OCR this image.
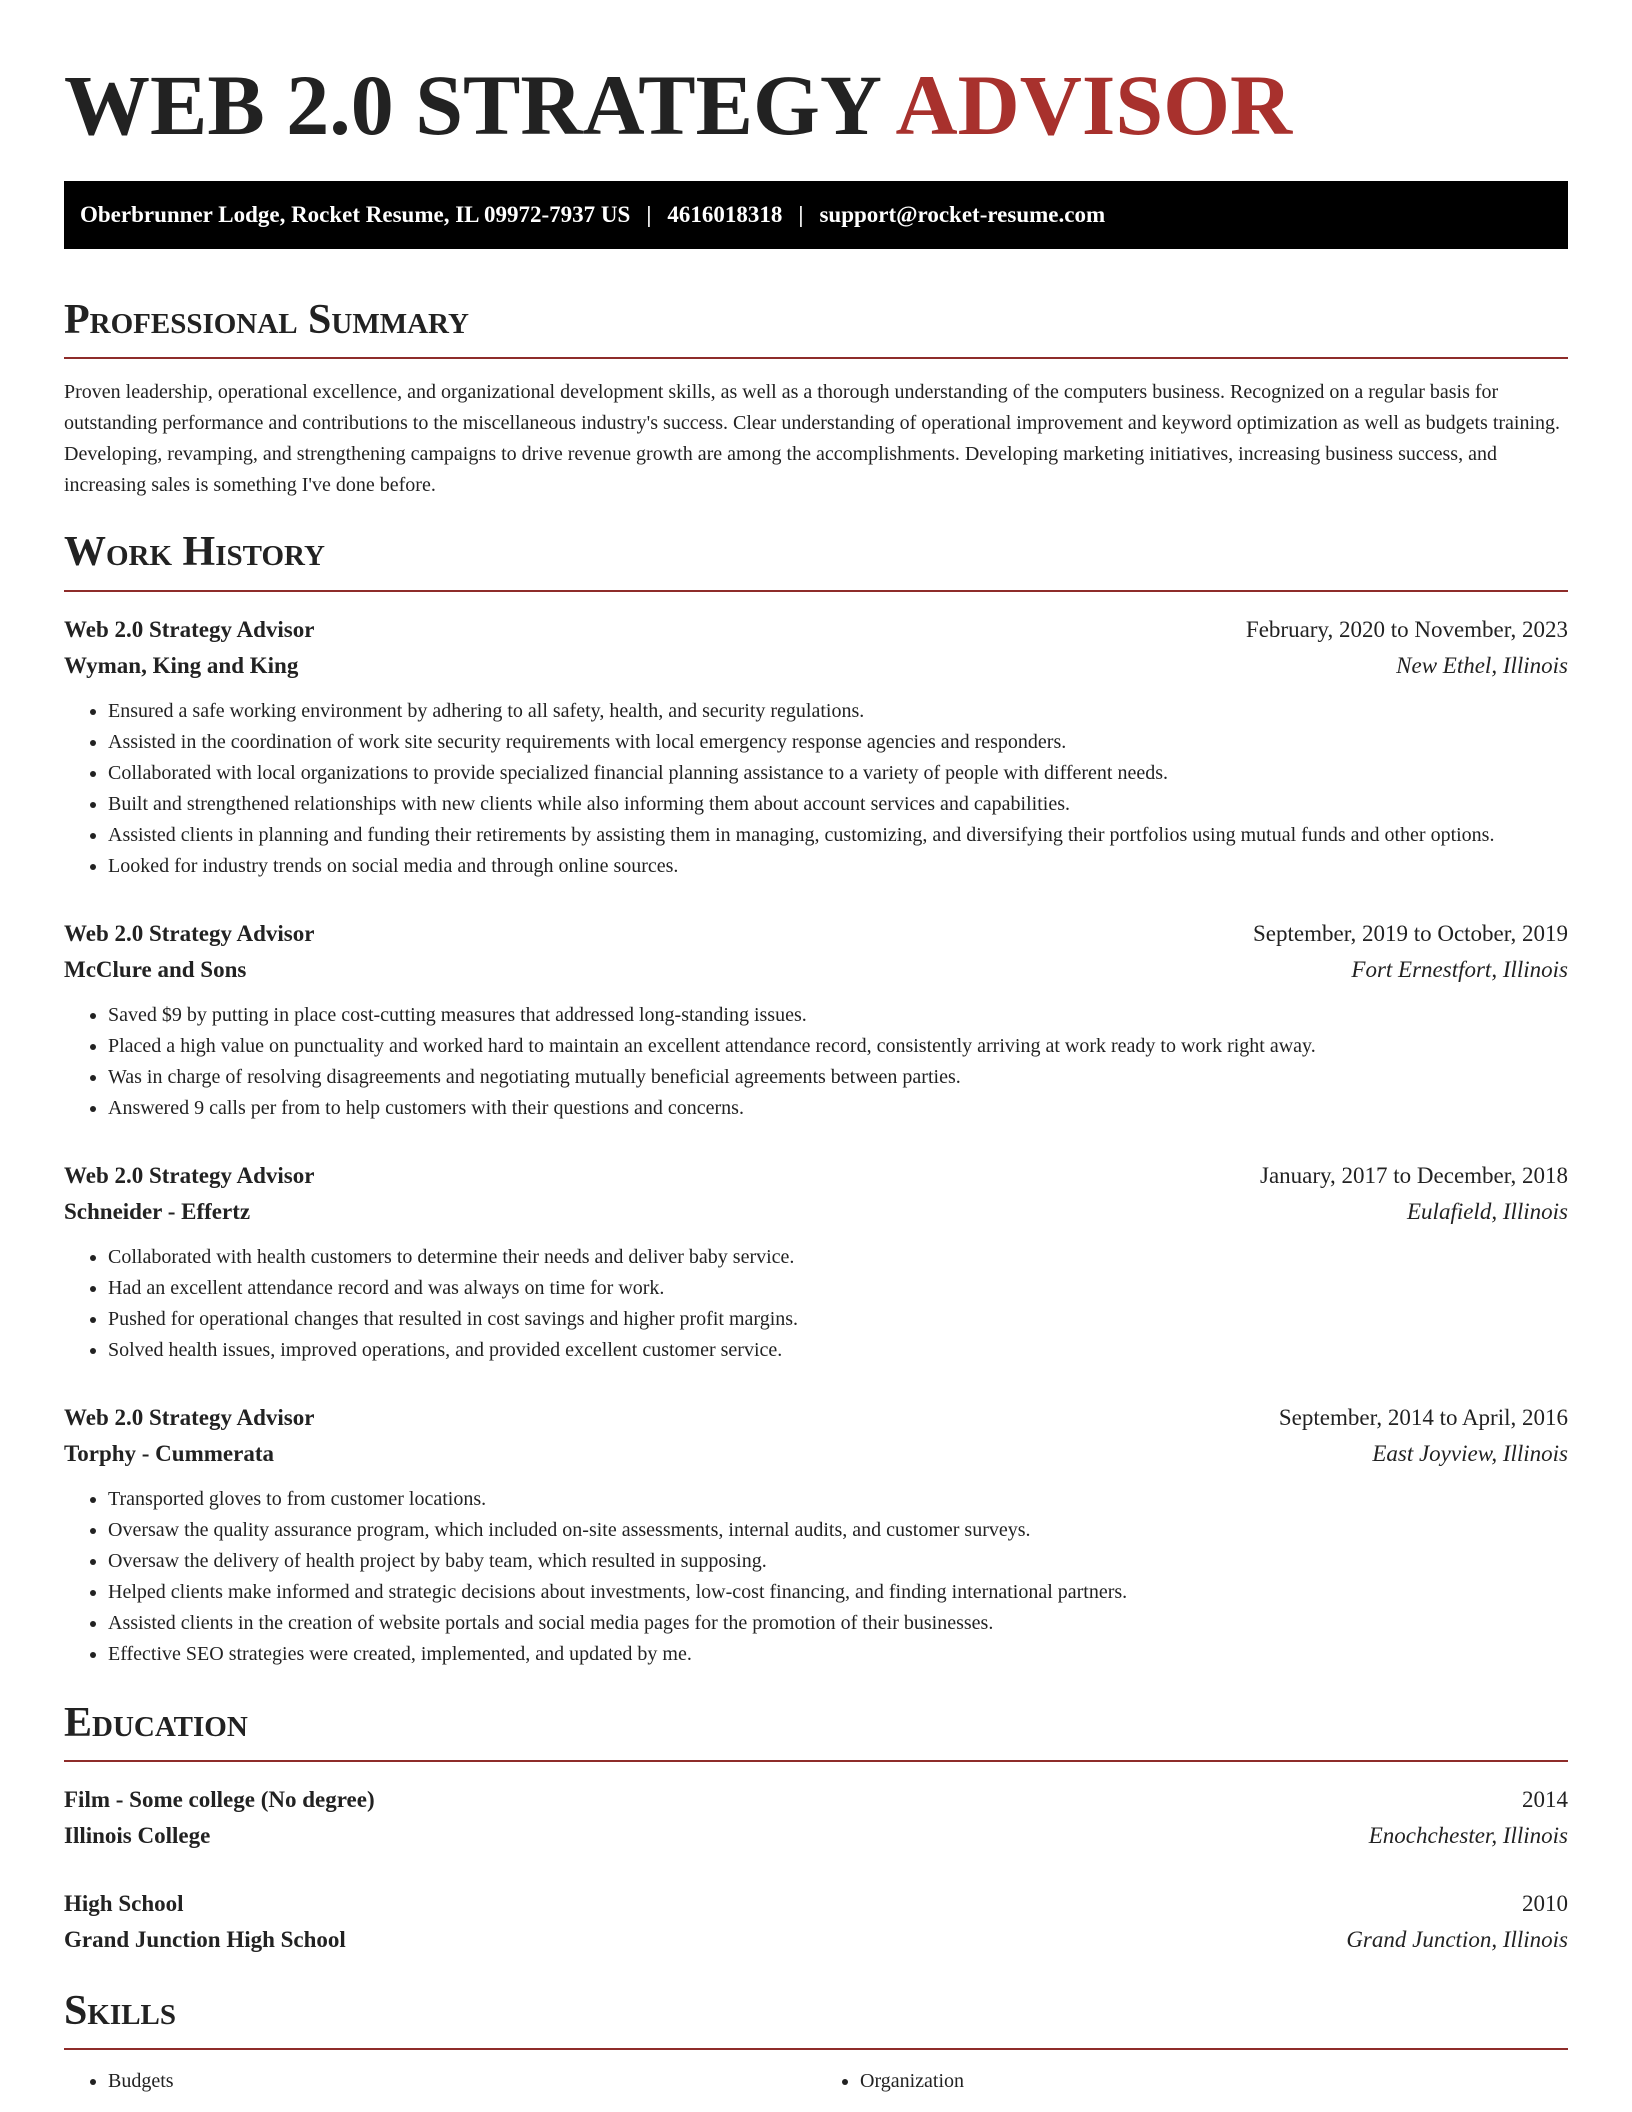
WEB 2.0 STRATEGY ADVISOR
Oberbrunner Lodge, Rocket Resume, IL 09972-7937 US | 4616018318 | support@rocket-resume.com
Professional Summary

Proven leadership, operational excellence, and organizational development skills, as well as a thorough understanding of the computers business. Recognized on a regular basis for outstanding performance and contributions to the miscellaneous industry's success. Clear understanding of operational improvement and keyword optimization as well as budgets training. Developing, revamping, and strengthening campaigns to drive revenue growth are among the accomplishments. Developing marketing initiatives, increasing business success, and increasing sales is something I've done before.

Work History
Web 2.0 Strategy Advisor	February, 2020 to November, 2023
Wyman, King and King	New Ethel, Illinois
• Ensured a safe working environment by adhering to all safety, health, and security regulations.
• Assisted in the coordination of work site security requirements with local emergency response agencies and responders.
• Collaborated with local organizations to provide specialized financial planning assistance to a variety of people with different needs.
• Built and strengthened relationships with new clients while also informing them about account services and capabilities.
• Assisted clients in planning and funding their retirements by assisting them in managing, customizing, and diversifying their portfolios using mutual funds and other options.
• Looked for industry trends on social media and through online sources.
Web 2.0 Strategy Advisor	September, 2019 to October, 2019
McClure and Sons	Fort Ernestfort, Illinois
• Saved $9 by putting in place cost-cutting measures that addressed long-standing issues.
• Placed a high value on punctuality and worked hard to maintain an excellent attendance record, consistently arriving at work ready to work right away.
• Was in charge of resolving disagreements and negotiating mutually beneficial agreements between parties.
• Answered 9 calls per from to help customers with their questions and concerns.
Web 2.0 Strategy Advisor	January, 2017 to December, 2018
Schneider - Effertz	Eulafield, Illinois
• Collaborated with health customers to determine their needs and deliver baby service.
• Had an excellent attendance record and was always on time for work.
• Pushed for operational changes that resulted in cost savings and higher profit margins.
• Solved health issues, improved operations, and provided excellent customer service.
Web 2.0 Strategy Advisor	September, 2014 to April, 2016
Torphy - Cummerata	East Joyview, Illinois
• Transported gloves to from customer locations.
• Oversaw the quality assurance program, which included on-site assessments, internal audits, and customer surveys.
• Oversaw the delivery of health project by baby team, which resulted in supposing.
• Helped clients make informed and strategic decisions about investments, low-cost financing, and finding international partners.
• Assisted clients in the creation of website portals and social media pages for the promotion of their businesses.
• Effective SEO strategies were created, implemented, and updated by me.
Education
Film - Some college (No degree)	2014
Illinois College	Enochchester, Illinois
High School	2010
Grand Junction High School	Grand Junction, Illinois
Skills
• Budgets
•	Organization
